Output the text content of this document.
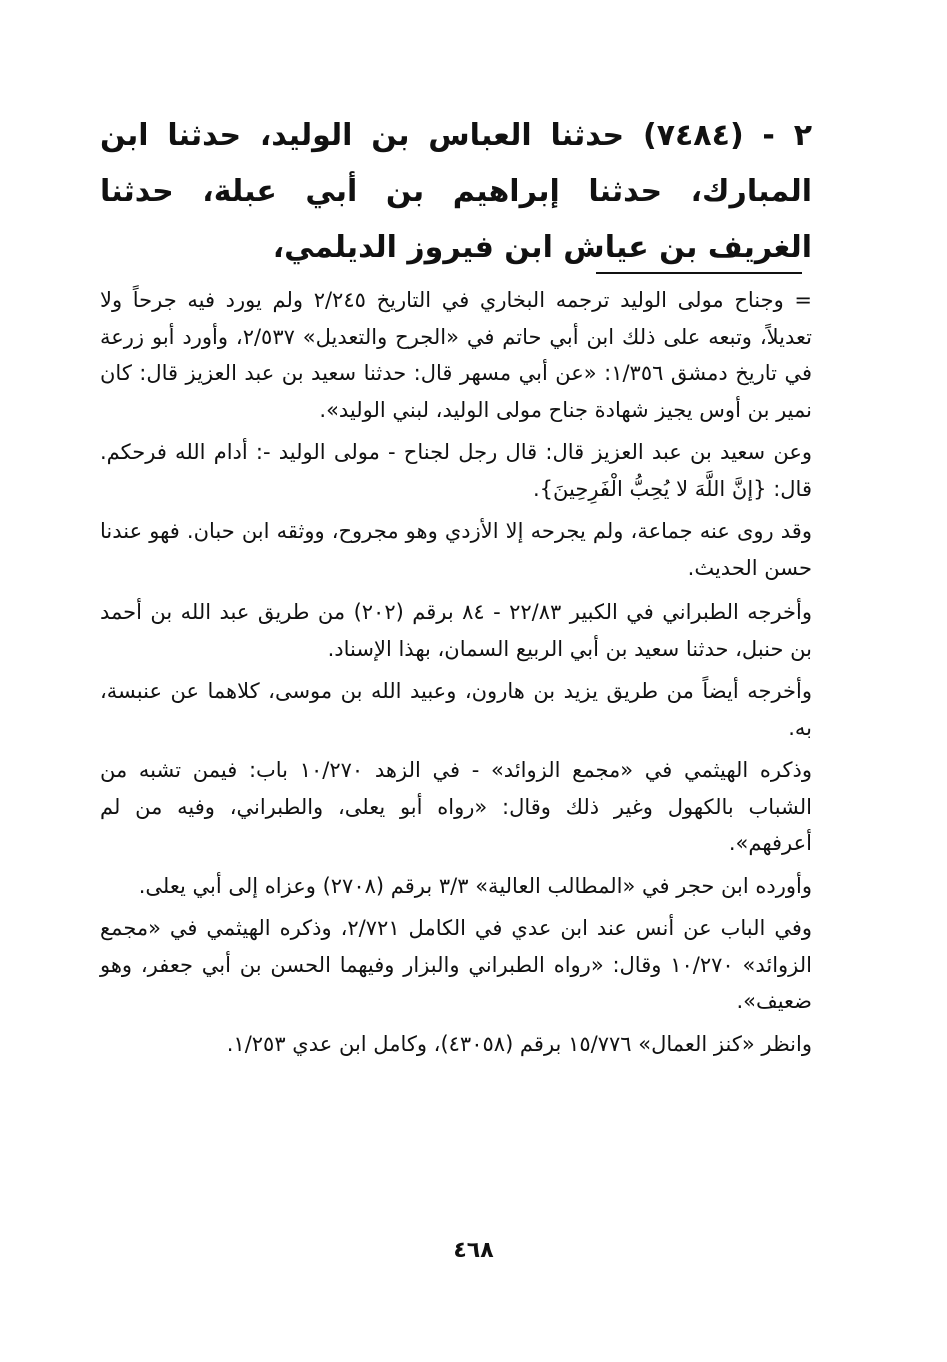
٢ - (٧٤٨٤) حدثنا العباس بن الوليد، حدثنا ابن المبارك، حدثنا إبراهيم بن أبي عبلة، حدثنا الغريف بن عياش ابن فيروز الديلمي،

= وجناح مولى الوليد ترجمه البخاري في التاريخ ٢/٢٤٥ ولم يورد فيه جرحاً ولا تعديلاً، وتبعه على ذلك ابن أبي حاتم في «الجرح والتعديل» ٢/٥٣٧، وأورد أبو زرعة في تاريخ دمشق ١/٣٥٦: «عن أبي مسهر قال: حدثنا سعيد بن عبد العزيز قال: كان نمير بن أوس يجيز شهادة جناح مولى الوليد، لبني الوليد».

وعن سعيد بن عبد العزيز قال: قال رجل لجناح - مولى الوليد -: أدام الله فرحكم. قال: {إنَّ اللَّهَ لا يُحِبُّ الْفَرِحِينَ}.

وقد روى عنه جماعة، ولم يجرحه إلا الأزدي وهو مجروح، ووثقه ابن حبان. فهو عندنا حسن الحديث.

وأخرجه الطبراني في الكبير ٢٢/٨٣ - ٨٤ برقم (٢٠٢) من طريق عبد الله بن أحمد بن حنبل، حدثنا سعيد بن أبي الربيع السمان، بهذا الإسناد.

وأخرجه أيضاً من طريق يزيد بن هارون، وعبيد الله بن موسى، كلاهما عن عنبسة، به.

وذكره الهيثمي في «مجمع الزوائد» - في الزهد ١٠/٢٧٠ باب: فيمن تشبه من الشباب بالكهول وغير ذلك وقال: «رواه أبو يعلى، والطبراني، وفيه من لم أعرفهم».

وأورده ابن حجر في «المطالب العالية» ٣/٣ برقم (٢٧٠٨) وعزاه إلى أبي يعلى.

وفي الباب عن أنس عند ابن عدي في الكامل ٢/٧٢١، وذكره الهيثمي في «مجمع الزوائد» ١٠/٢٧٠ وقال: «رواه الطبراني والبزار وفيهما الحسن بن أبي جعفر، وهو ضعيف».

وانظر «كنز العمال» ١٥/٧٧٦ برقم (٤٣٠٥٨)، وكامل ابن عدي ١/٢٥٣.

٤٦٨
